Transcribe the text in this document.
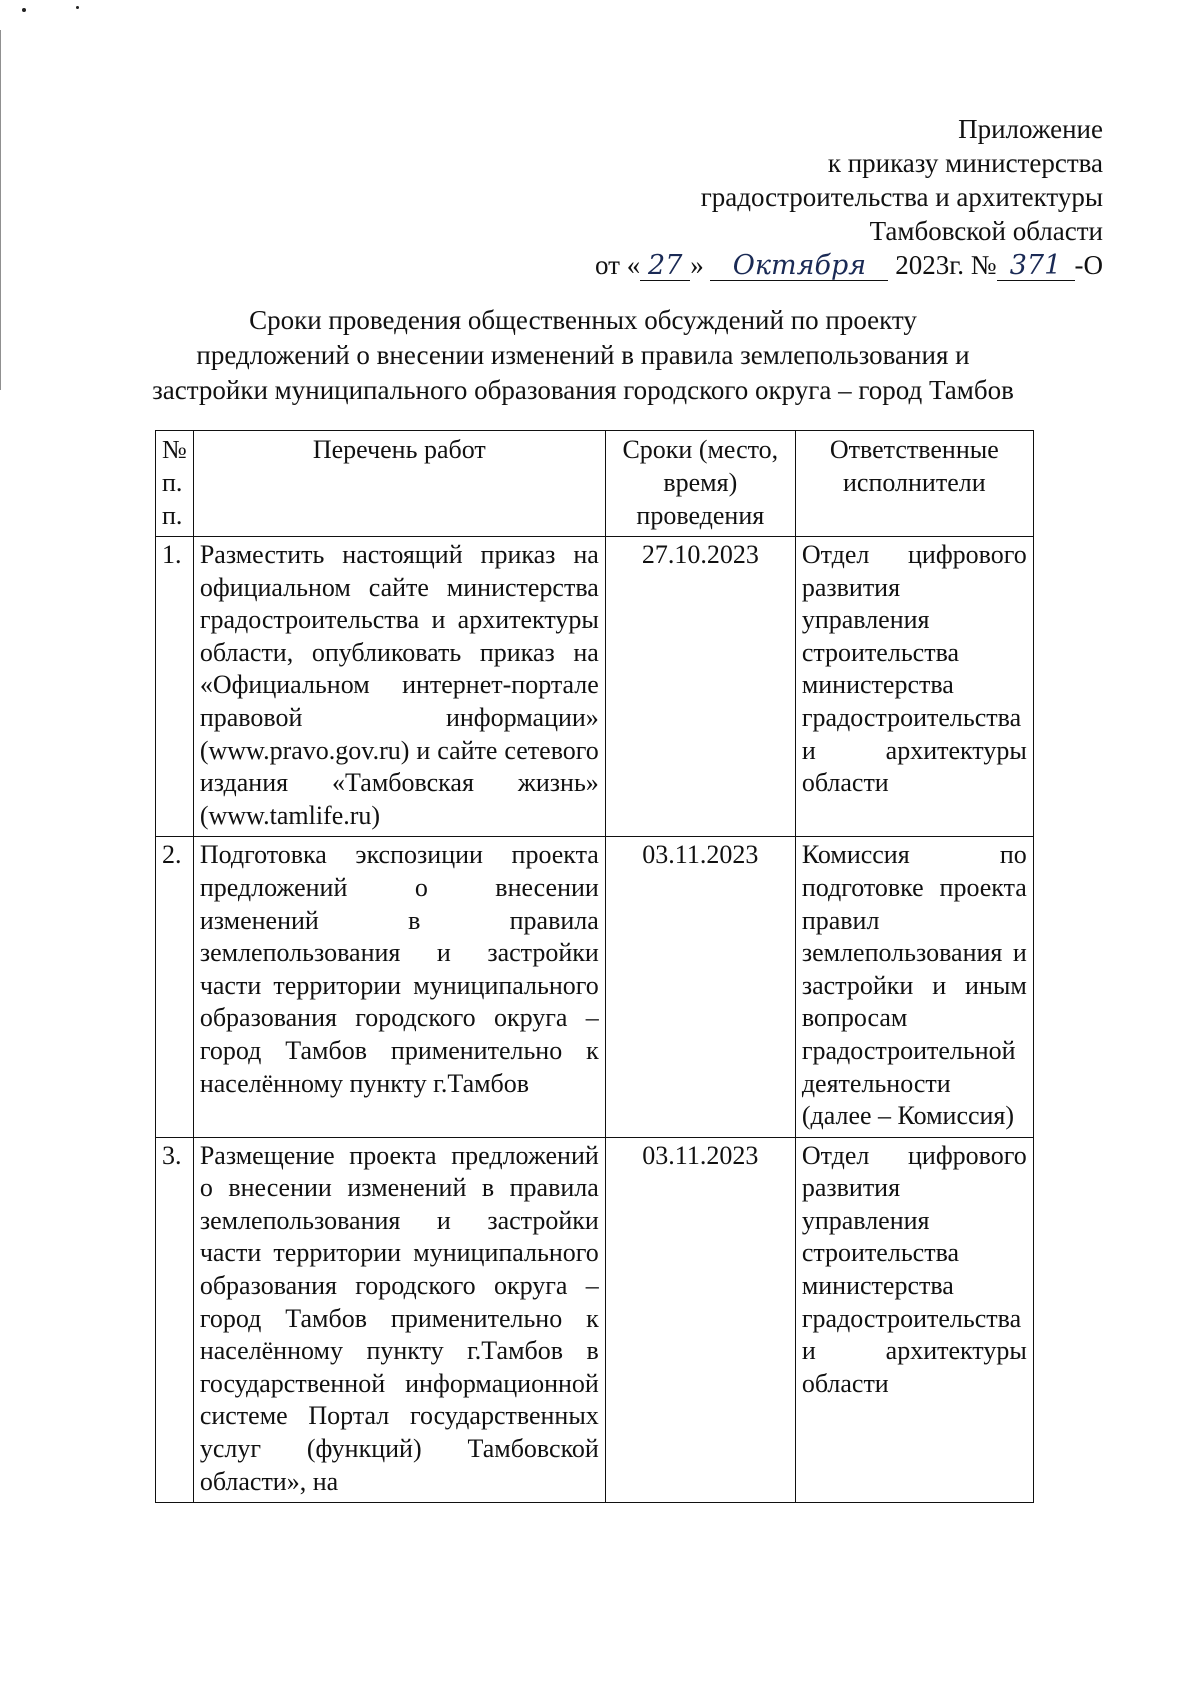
Приложение
к приказу министерства
градостроительства и архитектуры
Тамбовской области
от « 27 » Октября 2023г. № 371 -О
Сроки проведения общественных обсуждений по проекту
предложений о внесении изменений в правила землепользования и
застройки муниципального образования городского округа – город Тамбов
№ п. п.	Перечень работ	Сроки (место, время) проведения	Ответственные исполнители
1.	Разместить настоящий приказ на официальном сайте министерства градостроительства и архитектуры области, опубликовать приказ на «Официальном интернет-портале правовой информации» (www.pravo.gov.ru) и сайте сетевого издания «Тамбовская жизнь» (www.tamlife.ru)	27.10.2023	Отдел цифрового развития управления строительства министерства градостроительства и архитектуры области
2.	Подготовка экспозиции проекта предложений о внесении изменений в правила землепользования и застройки части территории муниципального образования городского округа – город Тамбов применительно к населённому пункту г.Тамбов	03.11.2023	Комиссия по подготовке проекта правил землепользования и застройки и иным вопросам градостроительной деятельности (далее – Комиссия)
3.	Размещение проекта предложений о внесении изменений в правила землепользования и застройки части территории муниципального образования городского округа – город Тамбов применительно к населённому пункту г.Тамбов в государственной информационной системе Портал государственных услуг (функций) Тамбовской области», на	03.11.2023	Отдел цифрового развития управления строительства министерства градостроительства и архитектуры области
